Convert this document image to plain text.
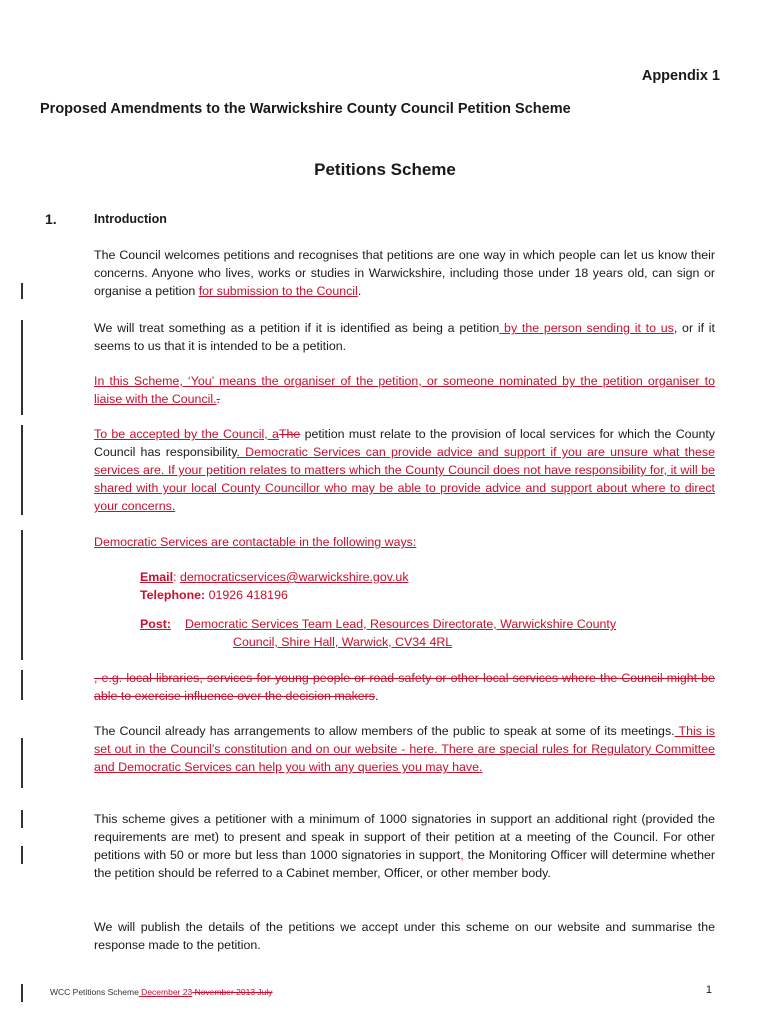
Appendix 1
Proposed Amendments to the Warwickshire County Council Petition Scheme
Petitions Scheme
1.	Introduction

The Council welcomes petitions and recognises that petitions are one way in which people can let us know their concerns. Anyone who lives, works or studies in Warwickshire, including those under 18 years old, can sign or organise a petition for submission to the Council.

We will treat something as a petition if it is identified as being a petition by the person sending it to us, or if it seems to us that it is intended to be a petition.

In this Scheme, ‘You’ means the organiser of the petition, or someone nominated by the petition organiser to liaise with the Council..

To be accepted by the Council, aThe petition must relate to the provision of local services for which the County Council has responsibility. Democratic Services can provide advice and support if you are unsure what these services are. If your petition relates to matters which the County Council does not have responsibility for, it will be shared with your local County Councillor who may be able to provide advice and support about where to direct your concerns.

Democratic Services are contactable in the following ways:

Email: democraticservices@warwickshire.gov.uk
Telephone: 01926 418196
Post: Democratic Services Team Lead, Resources Directorate, Warwickshire County
Council, Shire Hall, Warwick, CV34 4RL

, e.g. local libraries, services for young people or road safety or other local services where the Council might be able to exercise influence over the decision makers.

The Council already has arrangements to allow members of the public to speak at some of its meetings. This is set out in the Council’s constitution and on our website - here. There are special rules for Regulatory Committee and Democratic Services can help you with any queries you may have.

This scheme gives a petitioner with a minimum of 1000 signatories in support an additional right (provided the requirements are met) to present and speak in support of their petition at a meeting of the Council. For other petitions with 50 or more but less than 1000 signatories in support, the Monitoring Officer will determine whether the petition should be referred to a Cabinet member, Officer, or other member body.

We will publish the details of the petitions we accept under this scheme on our website and summarise the response made to the petition.

WCC Petitions Scheme December 23 November 2013 July	1
